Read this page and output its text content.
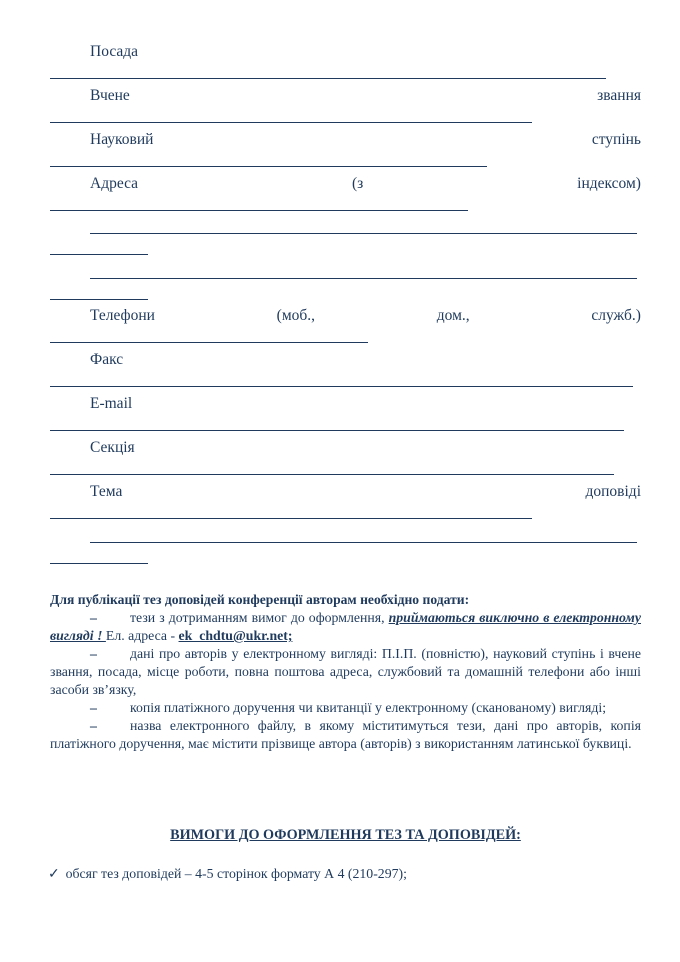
Посада
Вчене	звання
Науковий	ступінь
Адреса	(з	індексом)
Телефони	(моб.,	дом.,	служб.)
Факс
E-mail
Секція
Тема	доповіді

Для публікації тез доповідей конференції авторам необхідно подати:

– тези з дотриманням вимог до оформлення, приймаються виключно в електронному вигляді ! Ел. адреса - ek_chdtu@ukr.net;

– дані про авторів у електронному вигляді: П.І.П. (повністю), науковий ступінь і вчене звання, посада, місце роботи, повна поштова адреса, службовий та домашній телефони або інші засоби зв’язку,

– копія платіжного доручення чи квитанції у електронному (сканованому) вигляді;

– назва електронного файлу, в якому міститимуться тези, дані про авторів, копія платіжного доручення, має містити прізвище автора (авторів) з використанням латинської буквиці.

ВИМОГИ ДО ОФОРМЛЕННЯ ТЕЗ ТА ДОПОВІДЕЙ:
✓ обсяг тез доповідей – 4-5 сторінок формату А 4 (210-297);
